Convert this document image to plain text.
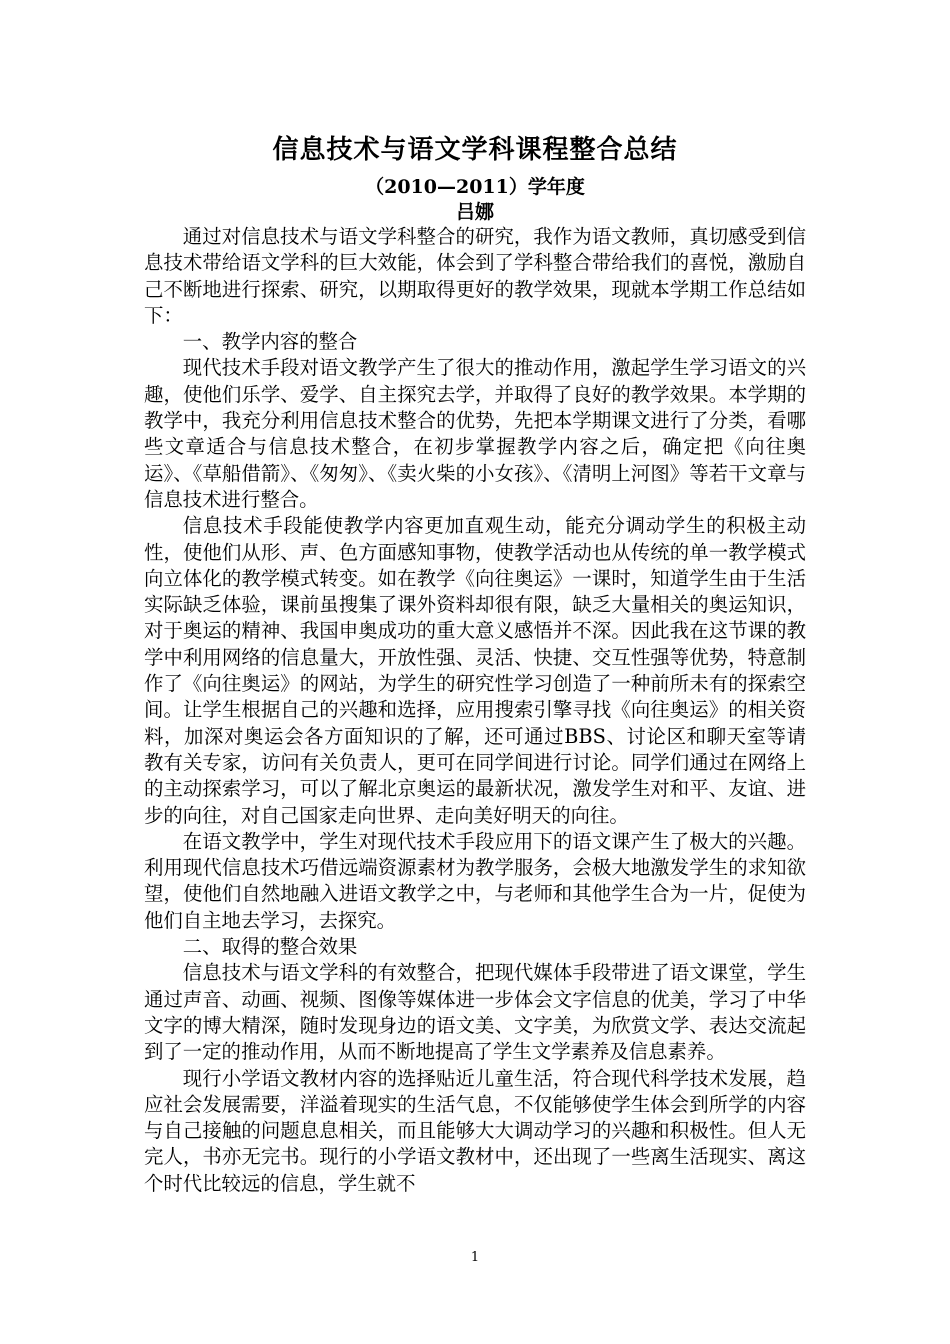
信息技术与语文学科课程整合总结
（2010—2011）学年度
吕娜

通过对信息技术与语文学科整合的研究，我作为语文教师，真切感受到信息技术带给语文学科的巨大效能，体会到了学科整合带给我们的喜悦，激励自己不断地进行探索、研究，以期取得更好的教学效果，现就本学期工作总结如下：

一、教学内容的整合

现代技术手段对语文教学产生了很大的推动作用，激起学生学习语文的兴趣，使他们乐学、爱学、自主探究去学，并取得了良好的教学效果。本学期的教学中，我充分利用信息技术整合的优势，先把本学期课文进行了分类，看哪些文章适合与信息技术整合，在初步掌握教学内容之后，确定把《向往奥运》、《草船借箭》、《匆匆》、《卖火柴的小女孩》、《清明上河图》等若干文章与信息技术进行整合。

信息技术手段能使教学内容更加直观生动，能充分调动学生的积极主动性，使他们从形、声、色方面感知事物，使教学活动也从传统的单一教学模式向立体化的教学模式转变。如在教学《向往奥运》一课时，知道学生由于生活实际缺乏体验，课前虽搜集了课外资料却很有限，缺乏大量相关的奥运知识，对于奥运的精神、我国申奥成功的重大意义感悟并不深。因此我在这节课的教学中利用网络的信息量大，开放性强、灵活、快捷、交互性强等优势，特意制作了《向往奥运》的网站，为学生的研究性学习创造了一种前所未有的探索空间。让学生根据自己的兴趣和选择，应用搜索引擎寻找《向往奥运》的相关资料，加深对奥运会各方面知识的了解，还可通过BBS、讨论区和聊天室等请教有关专家，访问有关负责人，更可在同学间进行讨论。同学们通过在网络上的主动探索学习，可以了解北京奥运的最新状况，激发学生对和平、友谊、进步的向往，对自己国家走向世界、走向美好明天的向往。

在语文教学中，学生对现代技术手段应用下的语文课产生了极大的兴趣。利用现代信息技术巧借远端资源素材为教学服务，会极大地激发学生的求知欲望，使他们自然地融入进语文教学之中，与老师和其他学生合为一片，促使为他们自主地去学习，去探究。

二、取得的整合效果

信息技术与语文学科的有效整合，把现代媒体手段带进了语文课堂，学生通过声音、动画、视频、图像等媒体进一步体会文字信息的优美，学习了中华文字的博大精深，随时发现身边的语文美、文字美，为欣赏文学、表达交流起到了一定的推动作用，从而不断地提高了学生文学素养及信息素养。

现行小学语文教材内容的选择贴近儿童生活，符合现代科学技术发展，趋应社会发展需要，洋溢着现实的生活气息，不仅能够使学生体会到所学的内容与自己接触的问题息息相关，而且能够大大调动学习的兴趣和积极性。但人无完人，书亦无完书。现行的小学语文教材中，还出现了一些离生活现实、离这个时代比较远的信息，学生就不

1
